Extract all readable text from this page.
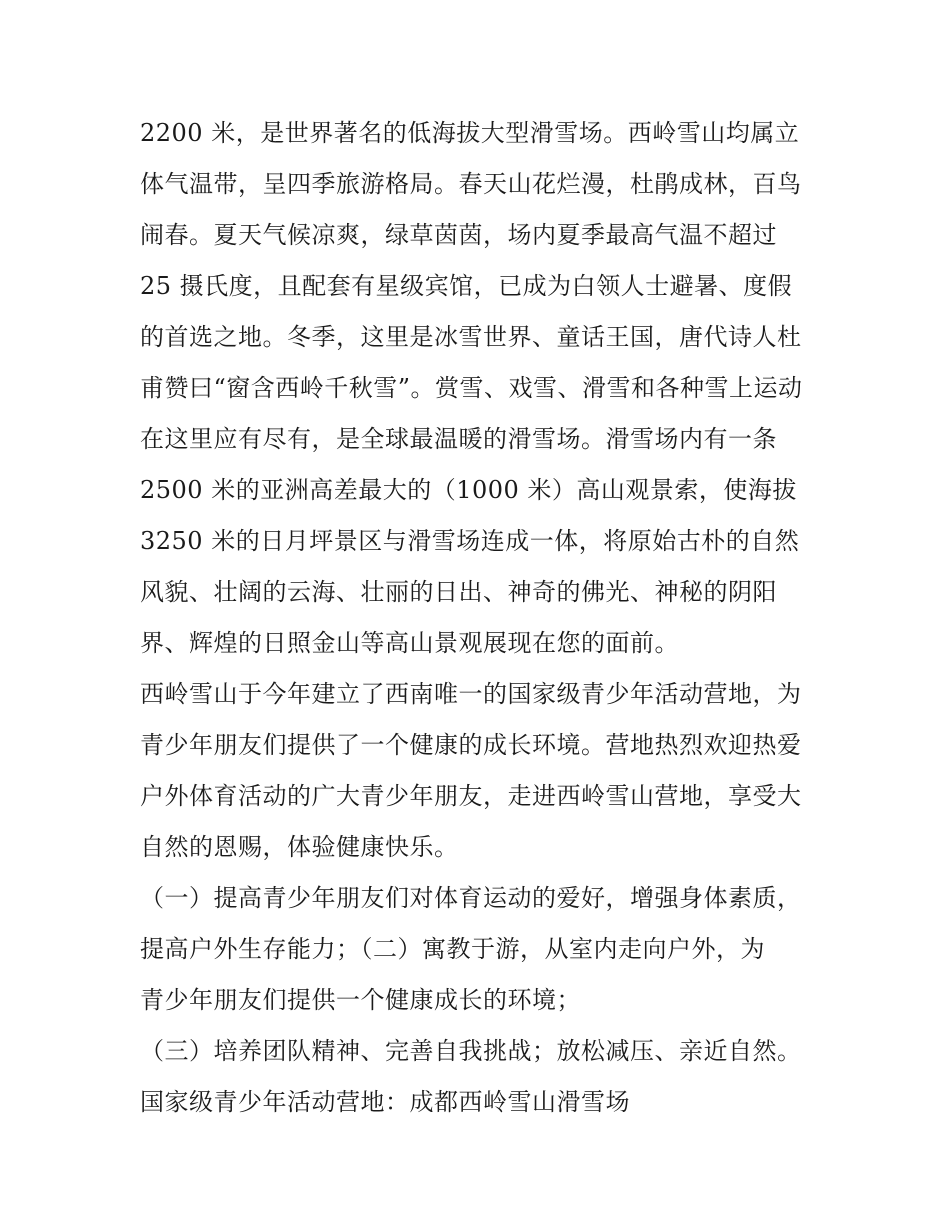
2200 米，是世界著名的低海拔大型滑雪场。西岭雪山均属立
体气温带，呈四季旅游格局。春天山花烂漫，杜鹃成林，百鸟
闹春。夏天气候凉爽，绿草茵茵，场内夏季最高气温不超过
25 摄氏度，且配套有星级宾馆，已成为白领人士避暑、度假
的首选之地。冬季，这里是冰雪世界、童话王国，唐代诗人杜
甫赞曰“窗含西岭千秋雪”。赏雪、戏雪、滑雪和各种雪上运动
在这里应有尽有，是全球最温暖的滑雪场。滑雪场内有一条
2500 米的亚洲高差最大的（1000 米）高山观景索，使海拔
3250 米的日月坪景区与滑雪场连成一体，将原始古朴的自然
风貌、壮阔的云海、壮丽的日出、神奇的佛光、神秘的阴阳
界、辉煌的日照金山等高山景观展现在您的面前。
西岭雪山于今年建立了西南唯一的国家级青少年活动营地，为
青少年朋友们提供了一个健康的成长环境。营地热烈欢迎热爱
户外体育活动的广大青少年朋友，走进西岭雪山营地，享受大
自然的恩赐，体验健康快乐。
（一）提高青少年朋友们对体育运动的爱好，增强身体素质，
提高户外生存能力；（二）寓教于游，从室内走向户外，为
青少年朋友们提供一个健康成长的环境；
（三）培养团队精神、完善自我挑战；放松减压、亲近自然。
国家级青少年活动营地：成都西岭雪山滑雪场
